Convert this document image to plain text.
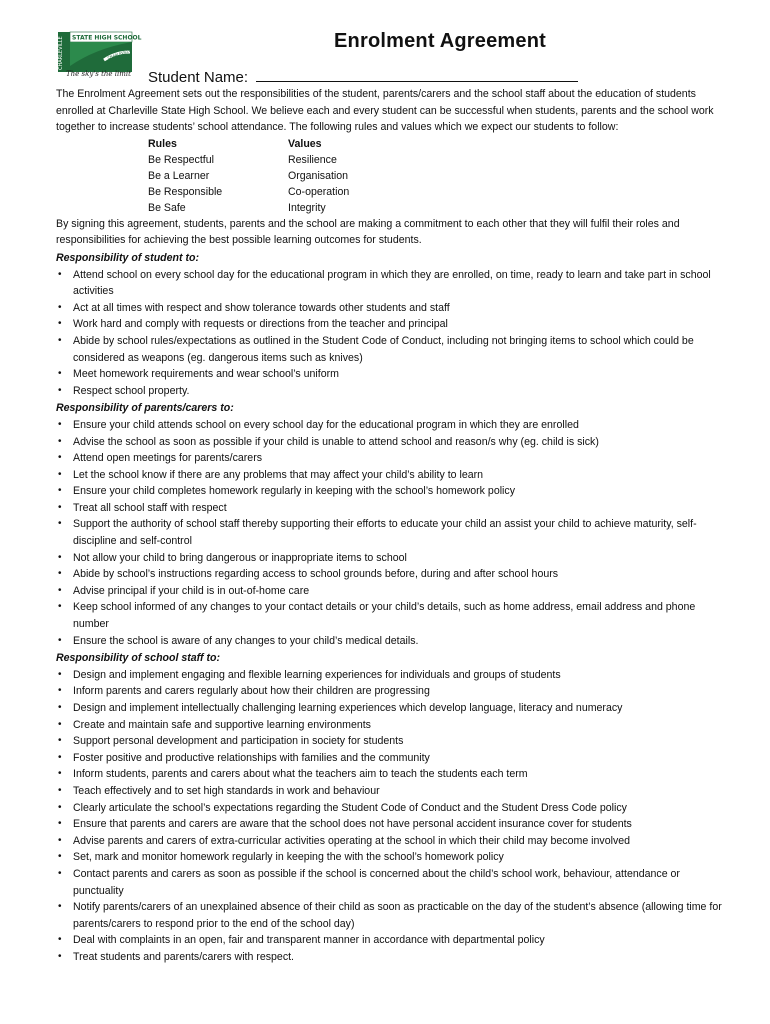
CHARLEVILLE STATE HIGH SCHOOL
CHARLEVILLE
The sky's the limit
Enrolment Agreement
Student Name:

The Enrolment Agreement sets out the responsibilities of the student, parents/carers and the school staff about the education of students enrolled at Charleville State High School. We believe each and every student can be successful when students, parents and the school work together to increase students’ school attendance. The following rules and values which we expect our students to follow:

Rules	Values
Be Respectful	Resilience
Be a Learner	Organisation
Be Responsible	Co-operation
Be Safe	Integrity

By signing this agreement, students, parents and the school are making a commitment to each other that they will fulfil their roles and responsibilities for achieving the best possible learning outcomes for students.

Responsibility of student to:

• Attend school on every school day for the educational program in which they are enrolled, on time, ready to learn and take part in school activities
• Act at all times with respect and show tolerance towards other students and staff
• Work hard and comply with requests or directions from the teacher and principal
• Abide by school rules/expectations as outlined in the Student Code of Conduct, including not bringing items to school which could be considered as weapons (eg. dangerous items such as knives)
• Meet homework requirements and wear school’s uniform
• Respect school property.

Responsibility of parents/carers to:

• Ensure your child attends school on every school day for the educational program in which they are enrolled
• Advise the school as soon as possible if your child is unable to attend school and reason/s why (eg. child is sick)
• Attend open meetings for parents/carers
• Let the school know if there are any problems that may affect your child’s ability to learn
• Ensure your child completes homework regularly in keeping with the school’s homework policy
• Treat all school staff with respect
• Support the authority of school staff thereby supporting their efforts to educate your child an assist your child to achieve maturity, self-discipline and self-control
• Not allow your child to bring dangerous or inappropriate items to school
• Abide by school’s instructions regarding access to school grounds before, during and after school hours
• Advise principal if your child is in out-of-home care
• Keep school informed of any changes to your contact details or your child’s details, such as home address, email address and phone number
• Ensure the school is aware of any changes to your child’s medical details.

Responsibility of school staff to:

• Design and implement engaging and flexible learning experiences for individuals and groups of students
• Inform parents and carers regularly about how their children are progressing
• Design and implement intellectually challenging learning experiences which develop language, literacy and numeracy
• Create and maintain safe and supportive learning environments
• Support personal development and participation in society for students
• Foster positive and productive relationships with families and the community
• Inform students, parents and carers about what the teachers aim to teach the students each term
• Teach effectively and to set high standards in work and behaviour
• Clearly articulate the school’s expectations regarding the Student Code of Conduct and the Student Dress Code policy
• Ensure that parents and carers are aware that the school does not have personal accident insurance cover for students
• Advise parents and carers of extra-curricular activities operating at the school in which their child may become involved
• Set, mark and monitor homework regularly in keeping the with the school’s homework policy
• Contact parents and carers as soon as possible if the school is concerned about the child’s school work, behaviour, attendance or punctuality
• Notify parents/carers of an unexplained absence of their child as soon as practicable on the day of the student’s absence (allowing time for parents/carers to respond prior to the end of the school day)
• Deal with complaints in an open, fair and transparent manner in accordance with departmental policy
• Treat students and parents/carers with respect.
